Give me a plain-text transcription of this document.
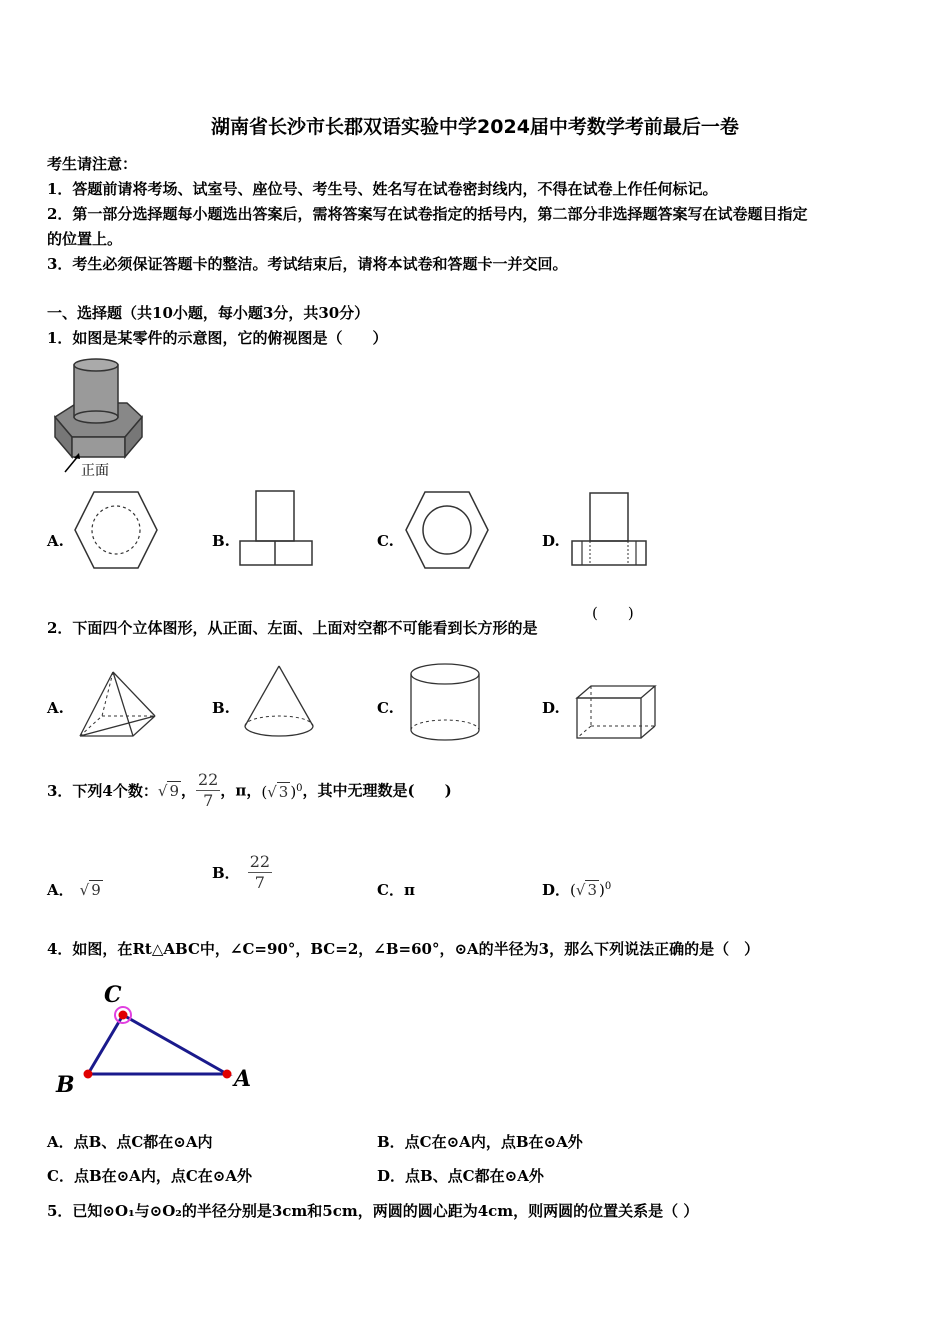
湖南省长沙市长郡双语实验中学2024届中考数学考前最后一卷
考生请注意：
1．答题前请将考场、试室号、座位号、考生号、姓名写在试卷密封线内，不得在试卷上作任何标记。
2．第一部分选择题每小题选出答案后，需将答案写在试卷指定的括号内，第二部分非选择题答案写在试卷题目指定
的位置上。
3．考生必须保证答题卡的整洁。考试结束后，请将本试卷和答题卡一并交回。
一、选择题（共10小题，每小题3分，共30分）
1．如图是某零件的示意图，它的俯视图是（　　）
正面
A.	B.	C.	D.
2．下面四个立体图形，从正面、左面、上面对空都不可能看到长方形的是
(　　)
A.	B.	C.	D.
3．下列4个数：√ 9 ， $\frac{22}{7}$ ，π，(√ 3 )$^0$，其中无理数是(　　)
A． √ 9
B． $\frac{22}{7}$	C．π	D．(√ 3 )$^0$
4．如图，在Rt△ABC中，∠C=90°，BC=2，∠B=60°，⊙A的半径为3，那么下列说法正确的是（　）
C
B	A
A．点B、点C都在⊙A内	B．点C在⊙A内，点B在⊙A外
C．点B在⊙A内，点C在⊙A外	D．点B、点C都在⊙A外
5．已知⊙O₁与⊙O₂的半径分别是3cm和5cm，两圆的圆心距为4cm，则两圆的位置关系是（ ）
